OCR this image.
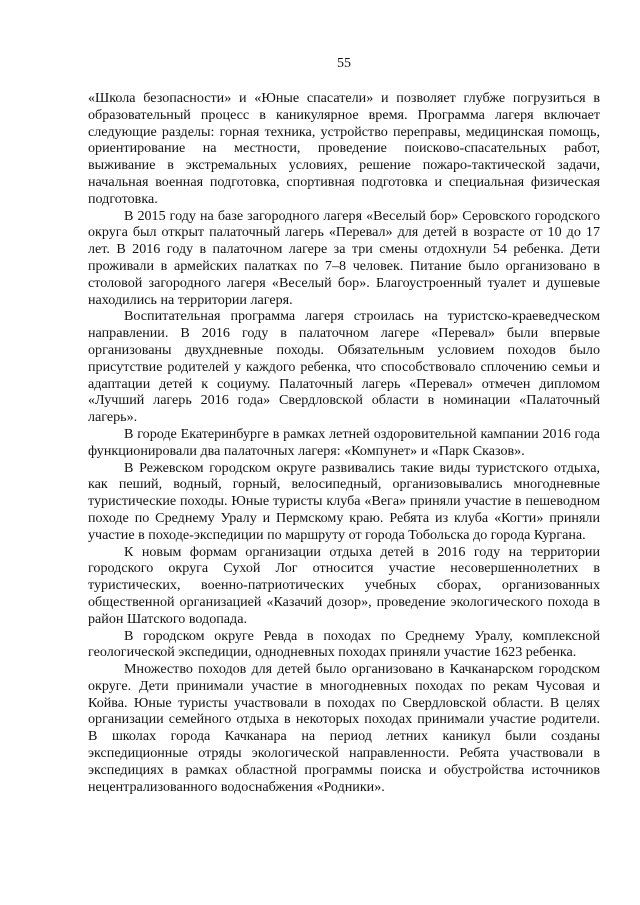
55

«Школа безопасности» и «Юные спасатели» и позволяет глубже погрузиться в образовательный процесс в каникулярное время. Программа лагеря включает следующие разделы: горная техника, устройство переправы, медицинская помощь, ориентирование на местности, проведение поисково-спасательных работ, выживание в экстремальных условиях, решение пожаро-тактической задачи, начальная военная подготовка, спортивная подготовка и специальная физическая подготовка.

В 2015 году на базе загородного лагеря «Веселый бор» Серовского городского округа был открыт палаточный лагерь «Перевал» для детей в возрасте от 10 до 17 лет. В 2016 году в палаточном лагере за три смены отдохнули 54 ребенка. Дети проживали в армейских палатках по 7–8 человек. Питание было организовано в столовой загородного лагеря «Веселый бор». Благоустроенный туалет и душевые находились на территории лагеря.

Воспитательная программа лагеря строилась на туристско-краеведческом направлении. В 2016 году в палаточном лагере «Перевал» были впервые организованы двухдневные походы. Обязательным условием походов было присутствие родителей у каждого ребенка, что способствовало сплочению семьи и адаптации детей к социуму. Палаточный лагерь «Перевал» отмечен дипломом «Лучший лагерь 2016 года» Свердловской области в номинации «Палаточный лагерь».

В городе Екатеринбурге в рамках летней оздоровительной кампании 2016 года функционировали два палаточных лагеря: «Компунет» и «Парк Сказов».

В Режевском городском округе развивались такие виды туристского отдыха, как пеший, водный, горный, велосипедный, организовывались многодневные туристические походы. Юные туристы клуба «Вега» приняли участие в пешеводном походе по Среднему Уралу и Пермскому краю. Ребята из клуба «Когти» приняли участие в походе-экспедиции по маршруту от города Тобольска до города Кургана.

К новым формам организации отдыха детей в 2016 году на территории городского округа Сухой Лог относится участие несовершеннолетних в туристических, военно-патриотических учебных сборах, организованных общественной организацией «Казачий дозор», проведение экологического похода в район Шатского водопада.

В городском округе Ревда в походах по Среднему Уралу, комплексной геологической экспедиции, однодневных походах приняли участие 1623 ребенка.

Множество походов для детей было организовано в Качканарском городском округе. Дети принимали участие в многодневных походах по рекам Чусовая и Койва. Юные туристы участвовали в походах по Свердловской области. В целях организации семейного отдыха в некоторых походах принимали участие родители. В школах города Качканара на период летних каникул были созданы экспедиционные отряды экологической направленности. Ребята участвовали в экспедициях в рамках областной программы поиска и обустройства источников нецентрализованного водоснабжения «Родники».
